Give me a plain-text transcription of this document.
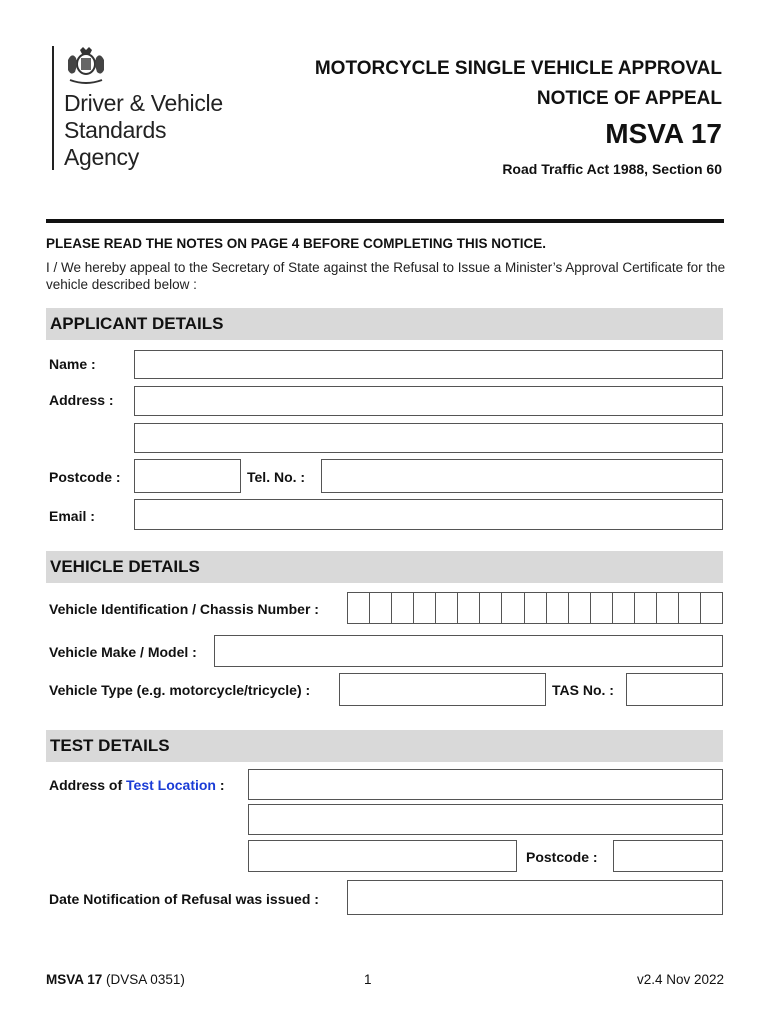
Driver & Vehicle
Standards
Agency
MOTORCYCLE SINGLE VEHICLE APPROVAL
NOTICE OF APPEAL
MSVA 17
Road Traffic Act 1988, Section 60
PLEASE READ THE NOTES ON PAGE 4 BEFORE COMPLETING THIS NOTICE.
I / We hereby appeal to the Secretary of State against the Refusal to Issue a Minister’s Approval Certificate for the vehicle described below :
APPLICANT DETAILS
Name :
Address :
Postcode :	Tel. No. :
Email :
VEHICLE DETAILS
Vehicle Identification / Chassis Number :
Vehicle Make / Model :
Vehicle Type (e.g. motorcycle/tricycle) :	TAS No. :
TEST DETAILS
Address of Test Location :
Postcode :
Date Notification of Refusal was issued :
MSVA 17 (DVSA 0351)	1	v2.4 Nov 2022
